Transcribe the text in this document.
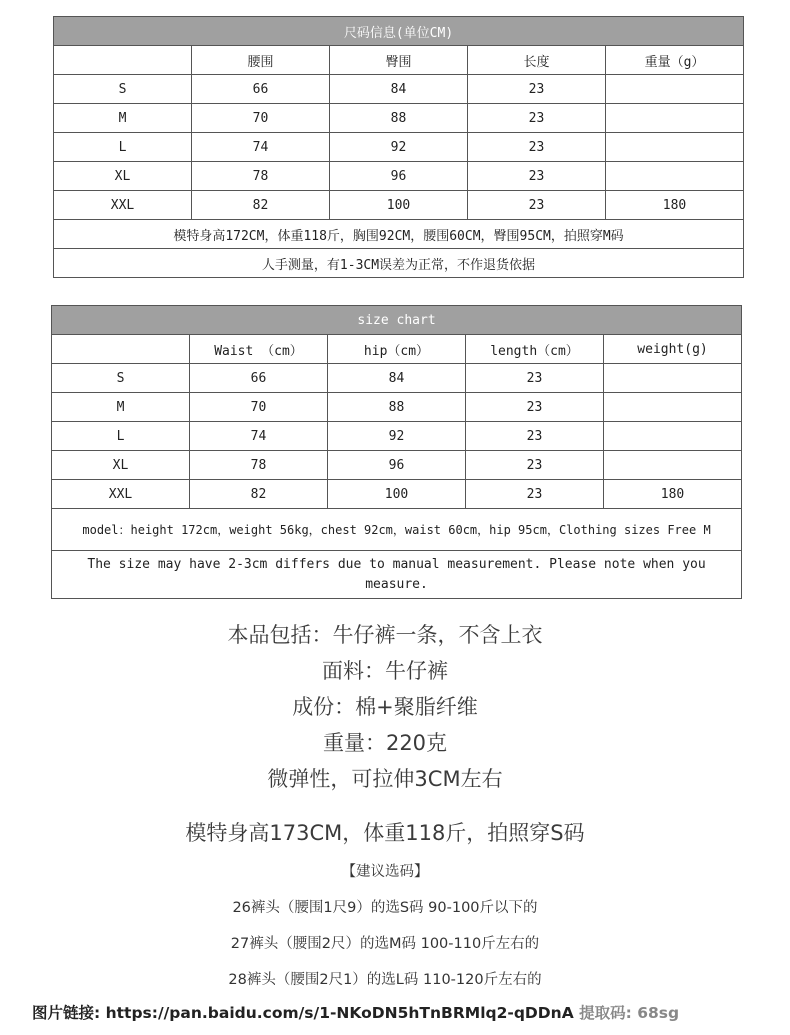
尺码信息(单位CM)				
	腰围	臀围	长度	重量（g）
S	66	84	23	
M	70	88	23	
L	74	92	23	
XL	78	96	23	
XXL	82	100	23	180
模特身高172CM，体重118斤，胸围92CM，腰围60CM，臀围95CM，拍照穿M码				
人手测量，有1-3CM误差为正常，不作退货依据				
size chart				
	Waist （cm）	hip（cm）	length（cm）	weight(g)
S	66	84	23	
M	70	88	23	
L	74	92	23	
XL	78	96	23	
XXL	82	100	23	180
model：height 172cm，weight 56kg，chest 92cm，waist 60cm，hip 95cm，Clothing sizes Free M				
The size may have 2-3cm differs due to manual measurement. Please note when you measure.				
本品包括：牛仔裤一条，不含上衣
面料：牛仔裤
成份：棉+聚脂纤维
重量：220克
微弹性，可拉伸3CM左右
模特身高173CM，体重118斤，拍照穿S码
【建议选码】
26裤头（腰围1尺9）的选S码 90-100斤以下的
27裤头（腰围2尺）的选M码 100-110斤左右的
28裤头（腰围2尺1）的选L码 110-120斤左右的
图片链接: https://pan.baidu.com/s/1-NKoDN5hTnBRMlq2-qDDnA 提取码: 68sg
